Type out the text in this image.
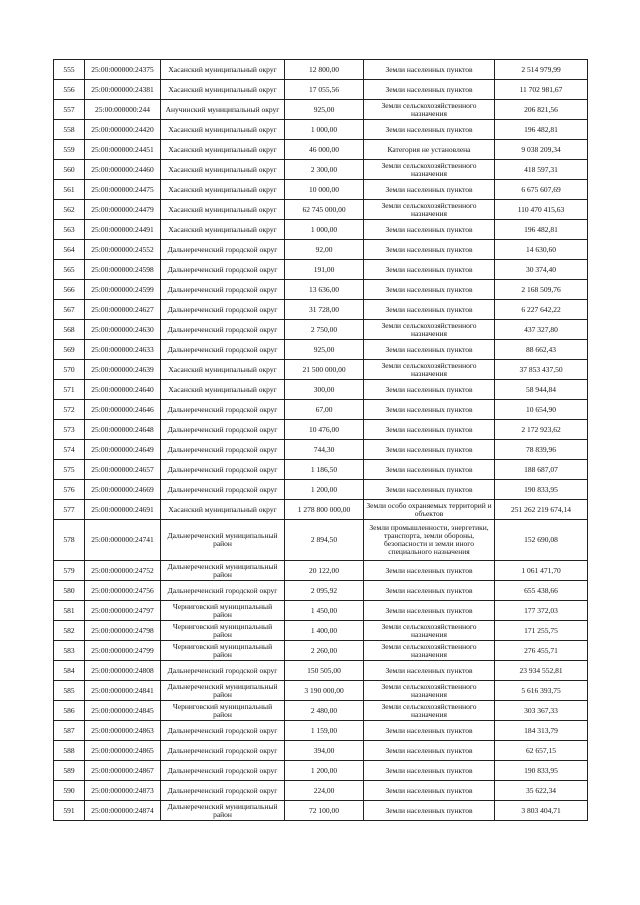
555	25:00:000000:24375	Хасанский муниципальный округ	12 800,00	Земли населенных пунктов	2 514 979,99
556	25:00:000000:24381	Хасанский муниципальный округ	17 055,56	Земли населенных пунктов	11 702 981,67
557	25:00:000000:244	Анучинский муниципальный округ	925,00	Земли сельскохозяйственного назначения	206 821,56
558	25:00:000000:24420	Хасанский муниципальный округ	1 000,00	Земли населенных пунктов	196 482,81
559	25:00:000000:24451	Хасанский муниципальный округ	46 000,00	Категория не установлена	9 038 209,34
560	25:00:000000:24460	Хасанский муниципальный округ	2 300,00	Земли сельскохозяйственного назначения	418 597,31
561	25:00:000000:24475	Хасанский муниципальный округ	10 000,00	Земли населенных пунктов	6 675 607,69
562	25:00:000000:24479	Хасанский муниципальный округ	62 745 000,00	Земли сельскохозяйственного назначения	110 470 415,63
563	25:00:000000:24491	Хасанский муниципальный округ	1 000,00	Земли населенных пунктов	196 482,81
564	25:00:000000:24552	Дальнереченский городской округ	92,00	Земли населенных пунктов	14 630,60
565	25:00:000000:24598	Дальнереченский городской округ	191,00	Земли населенных пунктов	30 374,40
566	25:00:000000:24599	Дальнереченский городской округ	13 636,00	Земли населенных пунктов	2 168 509,76
567	25:00:000000:24627	Дальнереченский городской округ	31 728,00	Земли населенных пунктов	6 227 642,22
568	25:00:000000:24630	Дальнереченский городской округ	2 750,00	Земли сельскохозяйственного назначения	437 327,80
569	25:00:000000:24633	Дальнереченский городской округ	925,00	Земли населенных пунктов	88 662,43
570	25:00:000000:24639	Хасанский муниципальный округ	21 500 000,00	Земли сельскохозяйственного назначения	37 853 437,50
571	25:00:000000:24640	Хасанский муниципальный округ	300,00	Земли населенных пунктов	58 944,84
572	25:00:000000:24646	Дальнереченский городской округ	67,00	Земли населенных пунктов	10 654,90
573	25:00:000000:24648	Дальнереченский городской округ	10 476,00	Земли населенных пунктов	2 172 923,62
574	25:00:000000:24649	Дальнереченский городской округ	744,30	Земли населенных пунктов	78 839,96
575	25:00:000000:24657	Дальнереченский городской округ	1 186,50	Земли населенных пунктов	188 687,07
576	25:00:000000:24669	Дальнереченский городской округ	1 200,00	Земли населенных пунктов	190 833,95
577	25:00:000000:24691	Хасанский муниципальный округ	1 278 800 000,00	Земли особо охраняемых территорий и объектов	251 262 219 674,14
578	25:00:000000:24741	Дальнереченский муниципальный район	2 894,50	Земли промышленности, энергетики, транспорта, земли обороны, безопасности и земли иного специального назначения	152 690,08
579	25:00:000000:24752	Дальнереченский муниципальный район	20 122,00	Земли населенных пунктов	1 061 471,70
580	25:00:000000:24756	Дальнереченский городской округ	2 095,92	Земли населенных пунктов	655 438,66
581	25:00:000000:24797	Черниговский муниципальный район	1 450,00	Земли населенных пунктов	177 372,03
582	25:00:000000:24798	Черниговский муниципальный район	1 400,00	Земли сельскохозяйственного назначения	171 255,75
583	25:00:000000:24799	Черниговский муниципальный район	2 260,00	Земли сельскохозяйственного назначения	276 455,71
584	25:00:000000:24808	Дальнереченский городской округ	150 505,00	Земли населенных пунктов	23 934 552,81
585	25:00:000000:24841	Дальнереченский муниципальный район	3 190 000,00	Земли сельскохозяйственного назначения	5 616 393,75
586	25:00:000000:24845	Черниговский муниципальный район	2 480,00	Земли сельскохозяйственного назначения	303 367,33
587	25:00:000000:24863	Дальнереченский городской округ	1 159,00	Земли населенных пунктов	184 313,79
588	25:00:000000:24865	Дальнереченский городской округ	394,00	Земли населенных пунктов	62 657,15
589	25:00:000000:24867	Дальнереченский городской округ	1 200,00	Земли населенных пунктов	190 833,95
590	25:00:000000:24873	Дальнереченский городской округ	224,00	Земли населенных пунктов	35 622,34
591	25:00:000000:24874	Дальнереченский муниципальный район	72 100,00	Земли населенных пунктов	3 803 404,71
